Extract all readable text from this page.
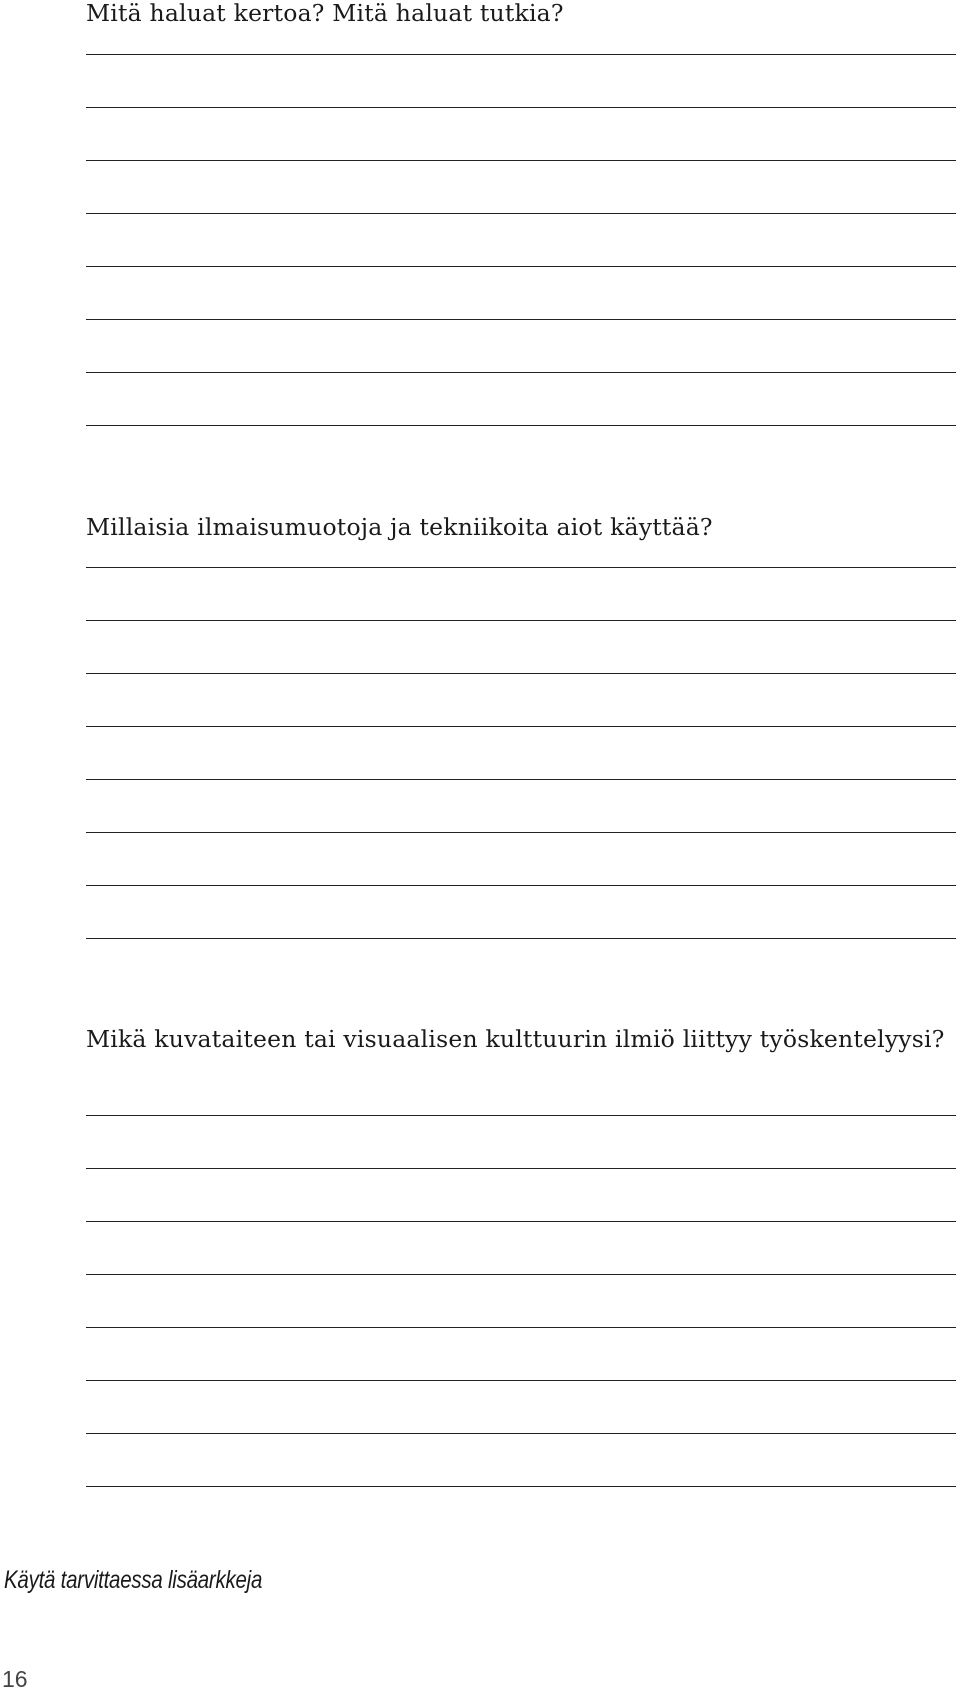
Mitä haluat kertoa? Mitä haluat tutkia?
Millaisia ilmaisumuotoja ja tekniikoita aiot käyttää?
Mikä kuvataiteen tai visuaalisen kulttuurin ilmiö liittyy työskentelyysi?

Käytä tarvittaessa lisäarkkeja

16
